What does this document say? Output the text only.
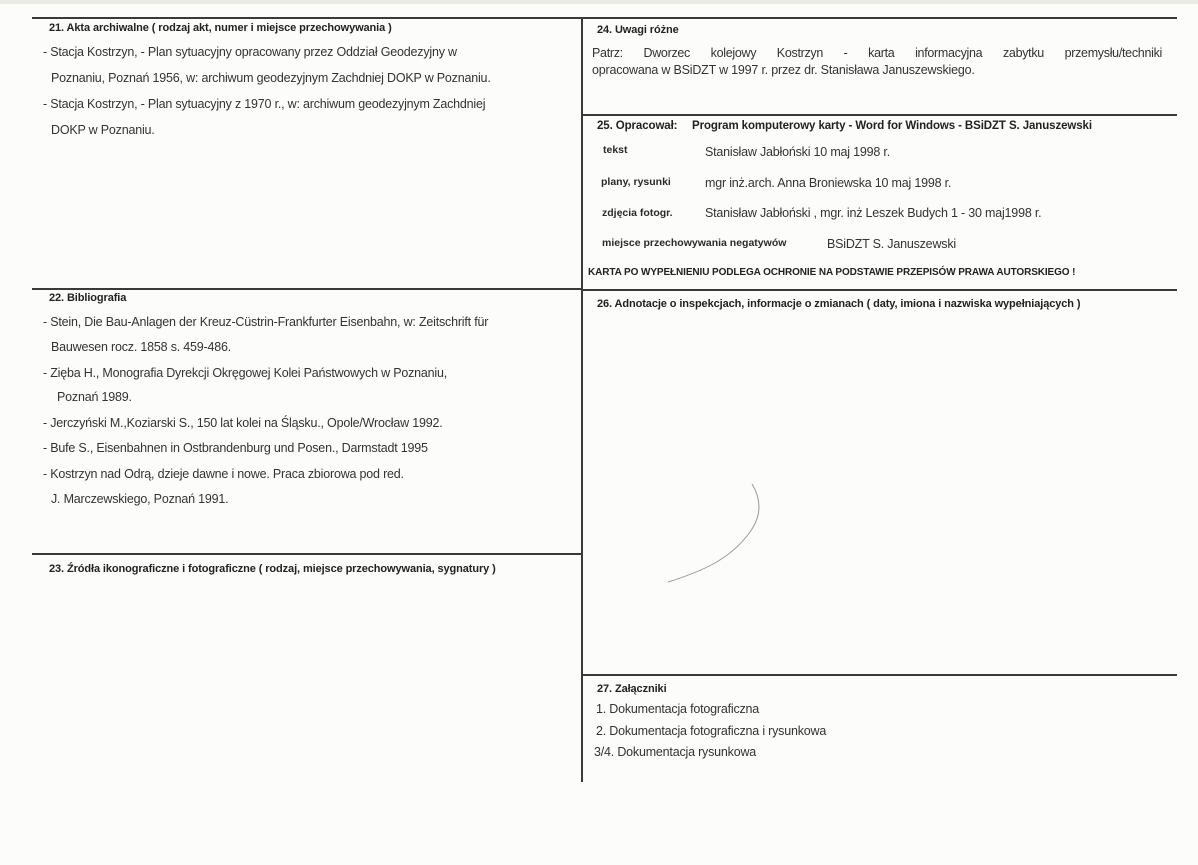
21. Akta archiwalne ( rodzaj akt, numer i miejsce przechowywania )
- Stacja Kostrzyn, - Plan sytuacyjny opracowany przez Oddział Geodezyjny w
Poznaniu, Poznań 1956, w: archiwum geodezyjnym Zachdniej DOKP w Poznaniu.
- Stacja Kostrzyn, - Plan sytuacyjny z 1970 r., w: archiwum geodezyjnym Zachdniej
DOKP w Poznaniu.
22. Bibliografia
- Stein, Die Bau-Anlagen der Kreuz-Cüstrin-Frankfurter Eisenbahn, w: Zeitschrift für
Bauwesen rocz. 1858 s. 459-486.
- Zięba H., Monografia Dyrekcji Okręgowej Kolei Państwowych w Poznaniu,
Poznań 1989.
- Jerczyński M.,Koziarski S., 150 lat kolei na Śląsku., Opole/Wrocław 1992.
- Bufe S., Eisenbahnen in Ostbrandenburg und Posen., Darmstadt 1995
- Kostrzyn nad Odrą, dzieje dawne i nowe. Praca zbiorowa pod red.
J. Marczewskiego, Poznań 1991.
23. Źródła ikonograficzne i fotograficzne ( rodzaj, miejsce przechowywania, sygnatury )
24. Uwagi różne
Patrz: Dworzec kolejowy Kostrzyn - karta informacyjna zabytku przemysłu/techniki
opracowana w BSiDZT w 1997 r. przez dr. Stanisława Januszewskiego.
25. Opracował: Program komputerowy karty - Word for Windows - BSiDZT S. Januszewski
tekst	Stanisław Jabłoński 10 maj 1998 r.
plany, rysunki	mgr inż.arch. Anna Broniewska 10 maj 1998 r.
zdjęcia fotogr.	Stanisław Jabłoński , mgr. inż Leszek Budych 1 - 30 maj1998 r.
miejsce przechowywania negatywów	BSiDZT S. Januszewski
KARTA PO WYPEŁNIENIU PODLEGA OCHRONIE NA PODSTAWIE PRZEPISÓW PRAWA AUTORSKIEGO !
26. Adnotacje o inspekcjach, informacje o zmianach ( daty, imiona i nazwiska wypełniających )
27. Załączniki
1. Dokumentacja fotograficzna
2. Dokumentacja fotograficzna i rysunkowa
3/4. Dokumentacja rysunkowa
